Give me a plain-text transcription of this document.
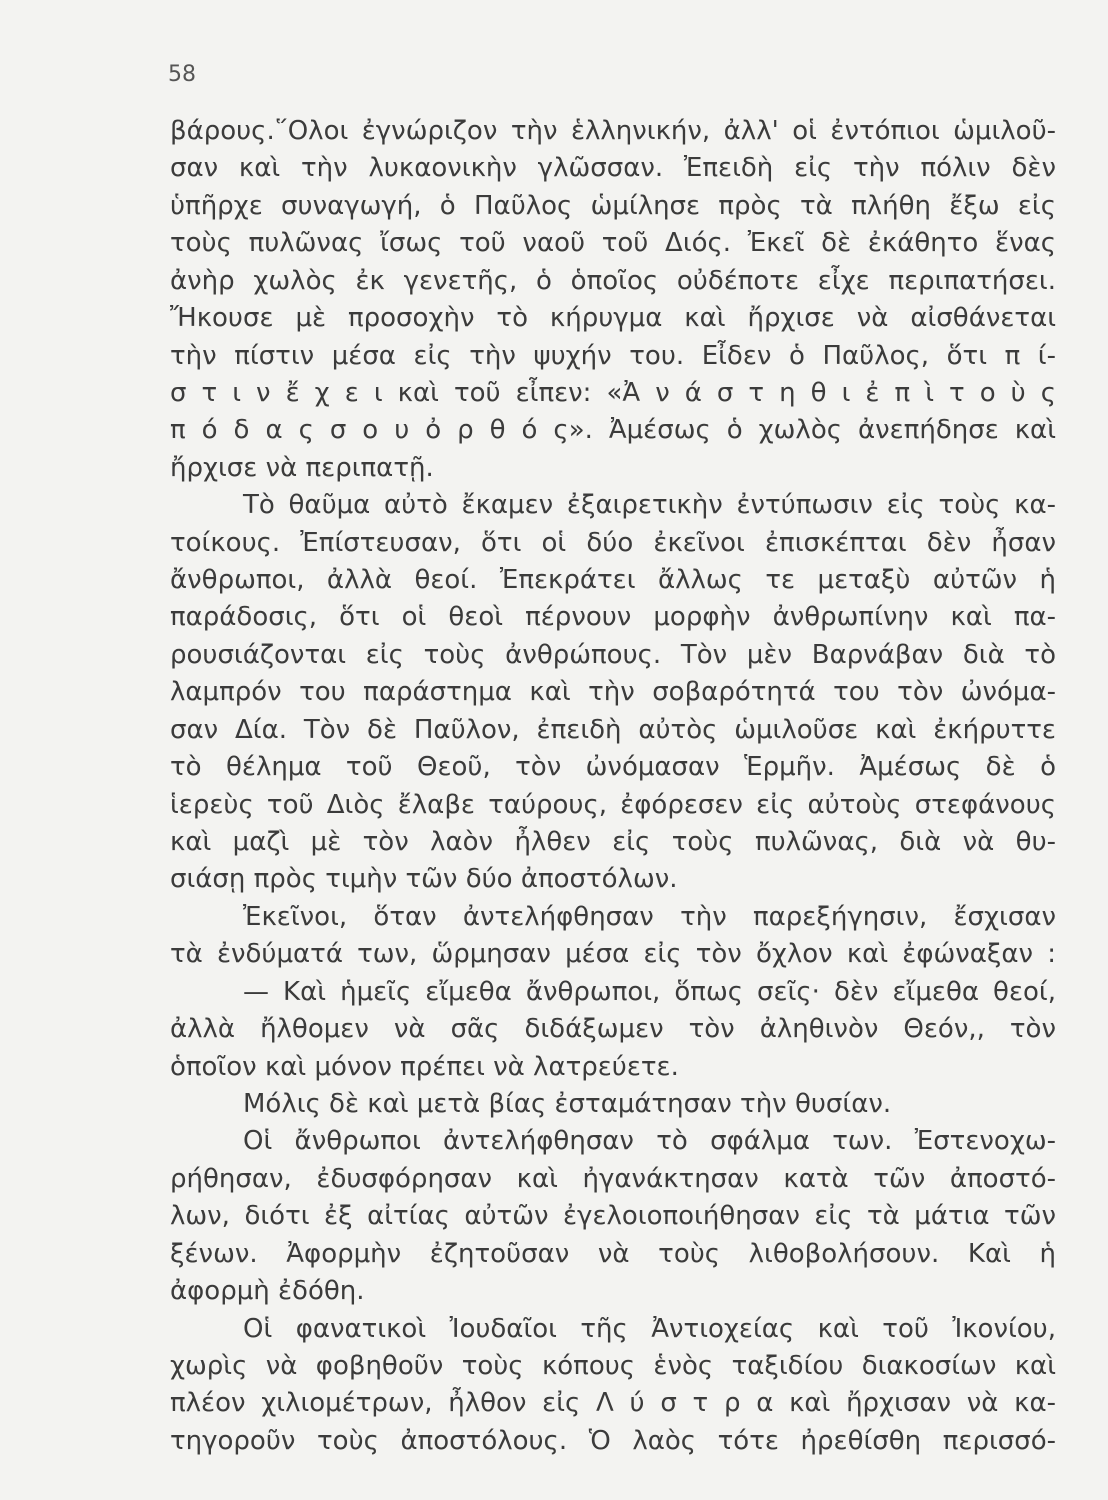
58
βάρους.῞Ολοι ἐγνώριζον τὴν ἑλληνικήν, ἀλλ' οἱ ἐντόπιοι ὡμιλοῦ-
σαν καὶ τὴν λυκαονικὴν γλῶσσαν. Ἐπειδὴ εἰς τὴν πόλιν δὲν
ὑπῆρχε συναγωγή, ὁ Παῦλος ὡμίλησε πρὸς τὰ πλήθη ἔξω εἰς
τοὺς πυλῶνας ἴσως τοῦ ναοῦ τοῦ Διός. Ἐκεῖ δὲ ἐκάθητο ἕνας
ἀνὴρ χωλὸς ἐκ γενετῆς, ὁ ὁποῖος οὐδέποτε εἶχε περιπατήσει.
Ἤκουσε μὲ προσοχὴν τὸ κήρυγμα καὶ ἤρχισε νὰ αἰσθάνεται
τὴν πίστιν μέσα εἰς τὴν ψυχήν του. Εἶδεν ὁ Παῦλος, ὅτι π ί-
σ τ ι ν ἔ χ ε ι καὶ τοῦ εἶπεν: «Ἀ ν ά σ τ η θ ι ἐ π ὶ τ ο ὺ ς
π ό δ α ς σ ο υ ὀ ρ θ ό ς». Ἀμέσως ὁ χωλὸς ἀνεπήδησε καὶ
ἤρχισε νὰ περιπατῇ.
Τὸ θαῦμα αὐτὸ ἔκαμεν ἐξαιρετικὴν ἐντύπωσιν εἰς τοὺς κα-
τοίκους. Ἐπίστευσαν, ὅτι οἱ δύο ἐκεῖνοι ἐπισκέπται δὲν ἦσαν
ἄνθρωποι, ἀλλὰ θεοί. Ἐπεκράτει ἄλλως τε μεταξὺ αὐτῶν ἡ
παράδοσις, ὅτι οἱ θεοὶ πέρνουν μορφὴν ἀνθρωπίνην καὶ πα-
ρουσιάζονται εἰς τοὺς ἀνθρώπους. Τὸν μὲν Βαρνάβαν διὰ τὸ
λαμπρόν του παράστημα καὶ τὴν σοβαρότητά του τὸν ὠνόμα-
σαν Δία. Τὸν δὲ Παῦλον, ἐπειδὴ αὐτὸς ὡμιλοῦσε καὶ ἐκήρυττε
τὸ θέλημα τοῦ Θεοῦ, τὸν ὠνόμασαν Ἑρμῆν. Ἀμέσως δὲ ὁ
ἱερεὺς τοῦ Διὸς ἔλαβε ταύρους, ἐφόρεσεν εἰς αὐτοὺς στεφάνους
καὶ μαζὶ μὲ τὸν λαὸν ἦλθεν εἰς τοὺς πυλῶνας, διὰ νὰ θυ-
σιάσῃ πρὸς τιμὴν τῶν δύο ἀποστόλων.
Ἐκεῖνοι, ὅταν ἀντελήφθησαν τὴν παρεξήγησιν, ἔσχισαν
τὰ ἐνδύματά των, ὥρμησαν μέσα εἰς τὸν ὄχλον καὶ ἐφώναξαν :
— Καὶ ἡμεῖς εἴμεθα ἄνθρωποι, ὅπως σεῖς· δὲν εἴμεθα θεοί,
ἀλλὰ ἤλθομεν νὰ σᾶς διδάξωμεν τὸν ἀληθινὸν Θεόν,, τὸν
ὁποῖον καὶ μόνον πρέπει νὰ λατρεύετε.
Μόλις δὲ καὶ μετὰ βίας ἐσταμάτησαν τὴν θυσίαν.
Οἱ ἄνθρωποι ἀντελήφθησαν τὸ σφάλμα των. Ἐστενοχω-
ρήθησαν, ἐδυσφόρησαν καὶ ἠγανάκτησαν κατὰ τῶν ἀποστό-
λων, διότι ἐξ αἰτίας αὐτῶν ἐγελοιοποιήθησαν εἰς τὰ μάτια τῶν
ξένων. Ἀφορμὴν ἐζητοῦσαν νὰ τοὺς λιθοβολήσουν. Καὶ ἡ
ἀφορμὴ ἐδόθη.
Οἱ φανατικοὶ Ἰουδαῖοι τῆς Ἀντιοχείας καὶ τοῦ Ἰκονίου,
χωρὶς νὰ φοβηθοῦν τοὺς κόπους ἑνὸς ταξιδίου διακοσίων καὶ
πλέον χιλιομέτρων, ἦλθον εἰς Λ ύ σ τ ρ α καὶ ἤρχισαν νὰ κα-
τηγοροῦν τοὺς ἀποστόλους. Ὁ λαὸς τότε ἠρεθίσθη περισσό-
